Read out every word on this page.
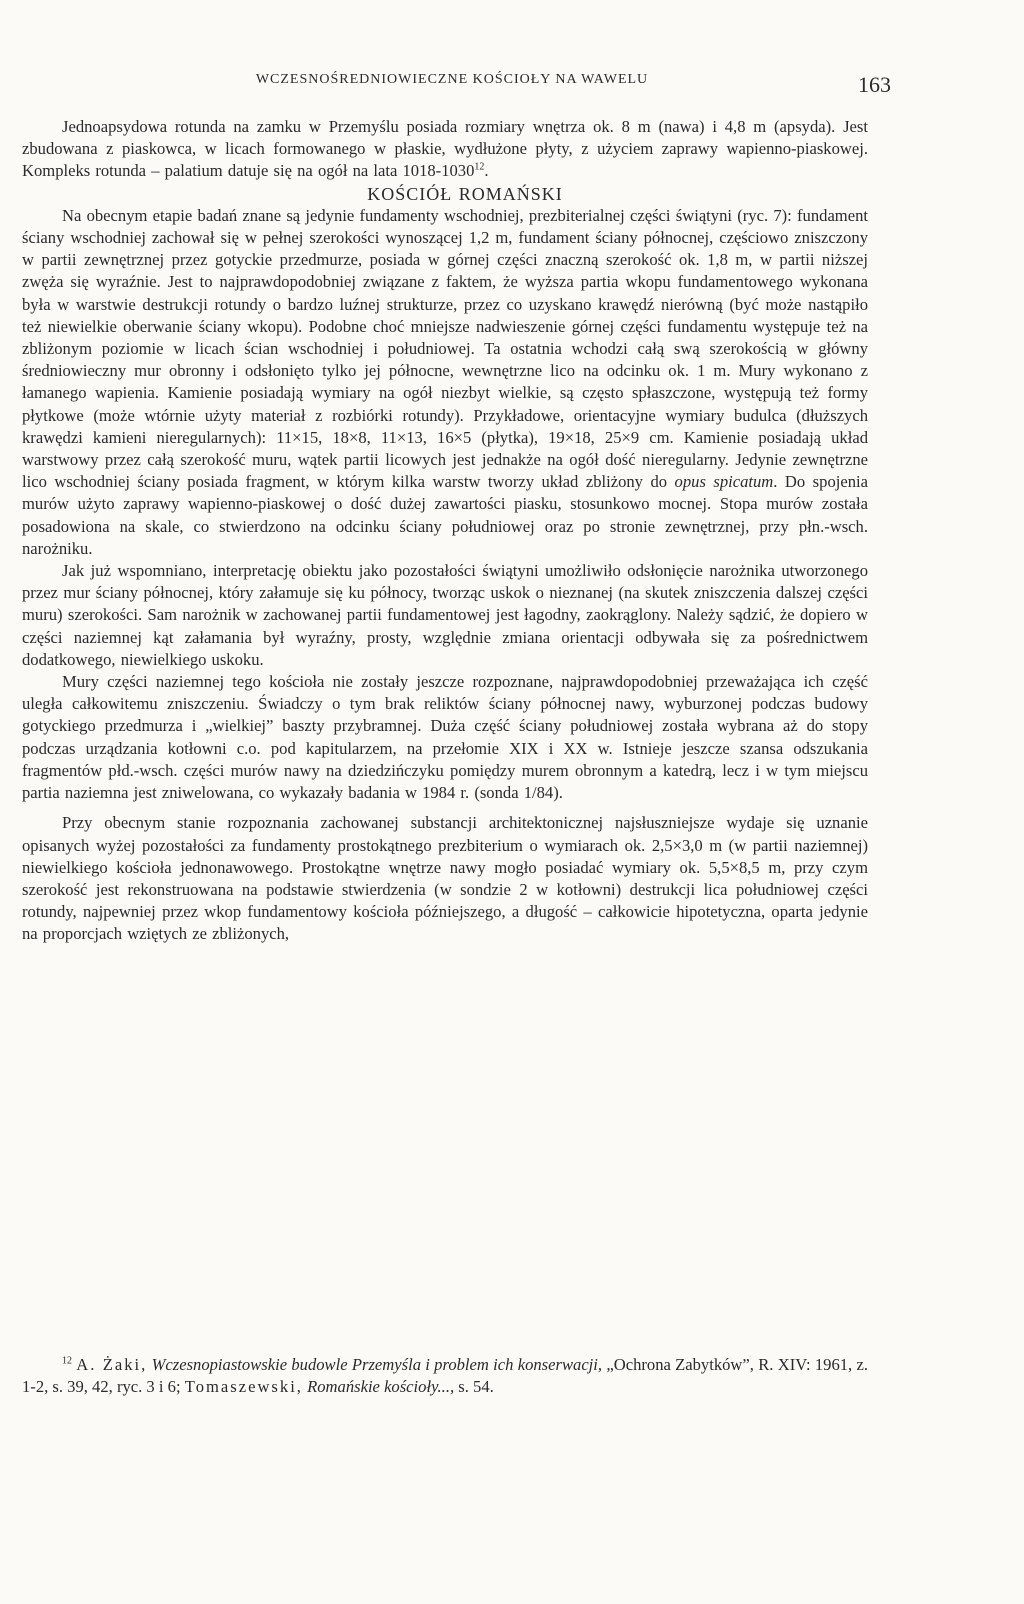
WCZESNOŚREDNIOWIECZNE KOŚCIOŁY NA WAWELU	163

Jednoapsydowa rotunda na zamku w Przemyślu posiada rozmiary wnętrza ok. 8 m (nawa) i 4,8 m (apsyda). Jest zbudowana z piaskowca, w licach formowanego w płaskie, wydłużone płyty, z użyciem zaprawy wapienno-piaskowej. Kompleks rotunda – palatium datuje się na ogół na lata 1018-1030$^{12}$.

KOŚCIÓŁ ROMAŃSKI

Na obecnym etapie badań znane są jedynie fundamenty wschodniej, prezbiterialnej części świątyni (ryc. 7): fundament ściany wschodniej zachował się w pełnej szerokości wynoszącej 1,2 m, fundament ściany północnej, częściowo zniszczony w partii zewnętrznej przez gotyckie przedmurze, posiada w górnej części znaczną szerokość ok. 1,8 m, w partii niższej zwęża się wyraźnie. Jest to najprawdopodobniej związane z faktem, że wyższa partia wkopu fundamentowego wykonana była w warstwie destrukcji rotundy o bardzo luźnej strukturze, przez co uzyskano krawędź nierówną (być może nastąpiło też niewielkie oberwanie ściany wkopu). Podobne choć mniejsze nadwieszenie górnej części fundamentu występuje też na zbliżonym poziomie w licach ścian wschodniej i południowej. Ta ostatnia wchodzi całą swą szerokością w główny średniowieczny mur obronny i odsłonięto tylko jej północne, wewnętrzne lico na odcinku ok. 1 m. Mury wykonano z łamanego wapienia. Kamienie posiadają wymiary na ogół niezbyt wielkie, są często spłaszczone, występują też formy płytkowe (może wtórnie użyty materiał z rozbiórki rotundy). Przykładowe, orientacyjne wymiary budulca (dłuższych krawędzi kamieni nieregularnych): 11×15, 18×8, 11×13, 16×5 (płytka), 19×18, 25×9 cm. Kamienie posiadają układ warstwowy przez całą szerokość muru, wątek partii licowych jest jednakże na ogół dość nieregularny. Jedynie zewnętrzne lico wschodniej ściany posiada fragment, w którym kilka warstw tworzy układ zbliżony do opus spicatum. Do spojenia murów użyto zaprawy wapienno-piaskowej o dość dużej zawartości piasku, stosunkowo mocnej. Stopa murów została posadowiona na skale, co stwierdzono na odcinku ściany południowej oraz po stronie zewnętrznej, przy płn.-wsch. narożniku.

Jak już wspomniano, interpretację obiektu jako pozostałości świątyni umożliwiło odsłonięcie narożnika utworzonego przez mur ściany północnej, który załamuje się ku północy, tworząc uskok o nieznanej (na skutek zniszczenia dalszej części muru) szerokości. Sam narożnik w zachowanej partii fundamentowej jest łagodny, zaokrąglony. Należy sądzić, że dopiero w części naziemnej kąt załamania był wyraźny, prosty, względnie zmiana orientacji odbywała się za pośrednictwem dodatkowego, niewielkiego uskoku.

Mury części naziemnej tego kościoła nie zostały jeszcze rozpoznane, najprawdopodobniej przeważająca ich część uległa całkowitemu zniszczeniu. Świadczy o tym brak reliktów ściany północnej nawy, wyburzonej podczas budowy gotyckiego przedmurza i „wielkiej” baszty przybramnej. Duża część ściany południowej została wybrana aż do stopy podczas urządzania kotłowni c.o. pod kapitularzem, na przełomie XIX i XX w. Istnieje jeszcze szansa odszukania fragmentów płd.-wsch. części murów nawy na dziedzińczyku pomiędzy murem obronnym a katedrą, lecz i w tym miejscu partia naziemna jest zniwelowana, co wykazały badania w 1984 r. (sonda 1/84).

Przy obecnym stanie rozpoznania zachowanej substancji architektonicznej najsłuszniejsze wydaje się uznanie opisanych wyżej pozostałości za fundamenty prostokątnego prezbiterium o wymiarach ok. 2,5×3,0 m (w partii naziemnej) niewielkiego kościoła jednonawowego. Prostokątne wnętrze nawy mogło posiadać wymiary ok. 5,5×8,5 m, przy czym szerokość jest rekonstruowana na podstawie stwierdzenia (w sondzie 2 w kotłowni) destrukcji lica południowej części rotundy, najpewniej przez wkop fundamentowy kościoła późniejszego, a długość – całkowicie hipotetyczna, oparta jedynie na proporcjach wziętych ze zbliżonych,

$^{12}$ A. Żaki, Wczesnopiastowskie budowle Przemyśla i problem ich konserwacji, „Ochrona Zabytków”, R. XIV: 1961, z. 1-2, s. 39, 42, ryc. 3 i 6; Tomaszewski, Romańskie kościoły..., s. 54.
